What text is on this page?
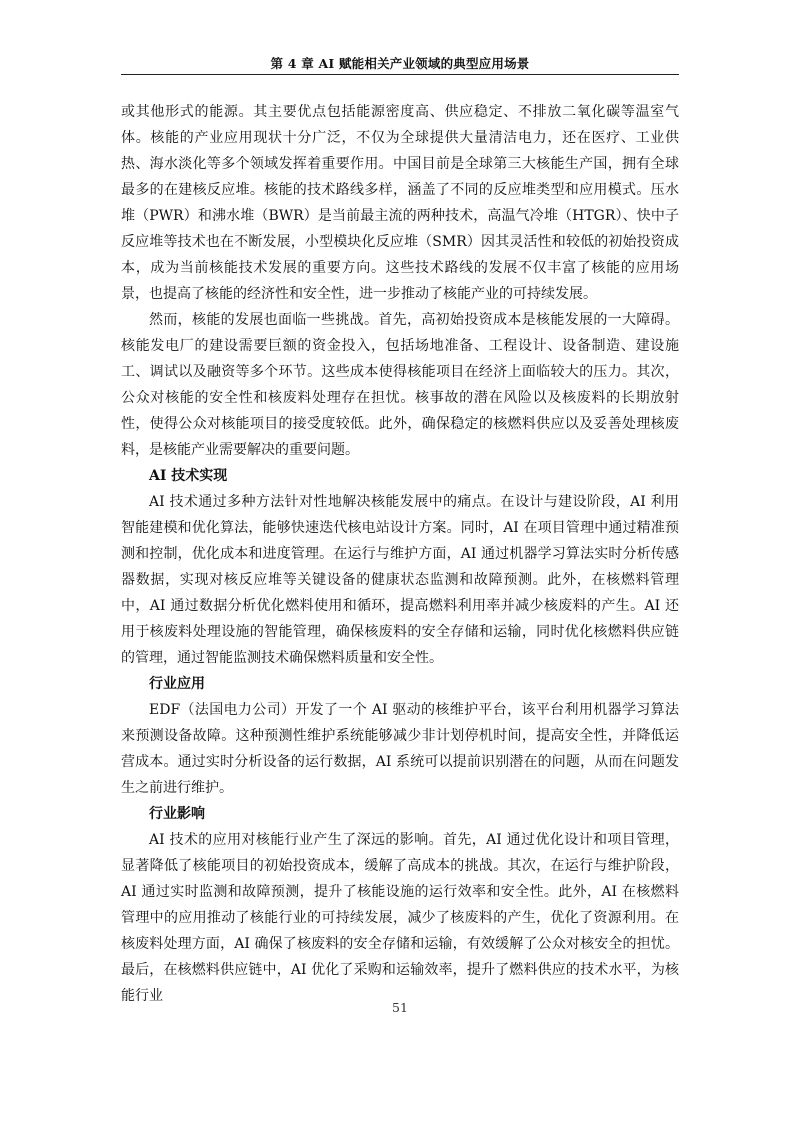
第 4 章 AI 赋能相关产业领域的典型应用场景

或其他形式的能源。其主要优点包括能源密度高、供应稳定、不排放二氧化碳等温室气体。核能的产业应用现状十分广泛，不仅为全球提供大量清洁电力，还在医疗、工业供热、海水淡化等多个领域发挥着重要作用。中国目前是全球第三大核能生产国，拥有全球最多的在建核反应堆。核能的技术路线多样，涵盖了不同的反应堆类型和应用模式。压水堆（PWR）和沸水堆（BWR）是当前最主流的两种技术，高温气冷堆（HTGR）、快中子反应堆等技术也在不断发展，小型模块化反应堆（SMR）因其灵活性和较低的初始投资成本，成为当前核能技术发展的重要方向。这些技术路线的发展不仅丰富了核能的应用场景，也提高了核能的经济性和安全性，进一步推动了核能产业的可持续发展。

然而，核能的发展也面临一些挑战。首先，高初始投资成本是核能发展的一大障碍。核能发电厂的建设需要巨额的资金投入，包括场地准备、工程设计、设备制造、建设施工、调试以及融资等多个环节。这些成本使得核能项目在经济上面临较大的压力。其次，公众对核能的安全性和核废料处理存在担忧。核事故的潜在风险以及核废料的长期放射性，使得公众对核能项目的接受度较低。此外，确保稳定的核燃料供应以及妥善处理核废料，是核能产业需要解决的重要问题。

AI 技术实现

AI 技术通过多种方法针对性地解决核能发展中的痛点。在设计与建设阶段，AI 利用智能建模和优化算法，能够快速迭代核电站设计方案。同时，AI 在项目管理中通过精准预测和控制，优化成本和进度管理。在运行与维护方面，AI 通过机器学习算法实时分析传感器数据，实现对核反应堆等关键设备的健康状态监测和故障预测。此外，在核燃料管理中，AI 通过数据分析优化燃料使用和循环，提高燃料利用率并减少核废料的产生。AI 还用于核废料处理设施的智能管理，确保核废料的安全存储和运输，同时优化核燃料供应链的管理，通过智能监测技术确保燃料质量和安全性。

行业应用

EDF（法国电力公司）开发了一个 AI 驱动的核维护平台，该平台利用机器学习算法来预测设备故障。这种预测性维护系统能够减少非计划停机时间，提高安全性，并降低运营成本。通过实时分析设备的运行数据，AI 系统可以提前识别潜在的问题，从而在问题发生之前进行维护。

行业影响

AI 技术的应用对核能行业产生了深远的影响。首先，AI 通过优化设计和项目管理，显著降低了核能项目的初始投资成本，缓解了高成本的挑战。其次，在运行与维护阶段，AI 通过实时监测和故障预测，提升了核能设施的运行效率和安全性。此外，AI 在核燃料管理中的应用推动了核能行业的可持续发展，减少了核废料的产生，优化了资源利用。在核废料处理方面，AI 确保了核废料的安全存储和运输，有效缓解了公众对核安全的担忧。最后，在核燃料供应链中，AI 优化了采购和运输效率，提升了燃料供应的技术水平，为核能行业

51
